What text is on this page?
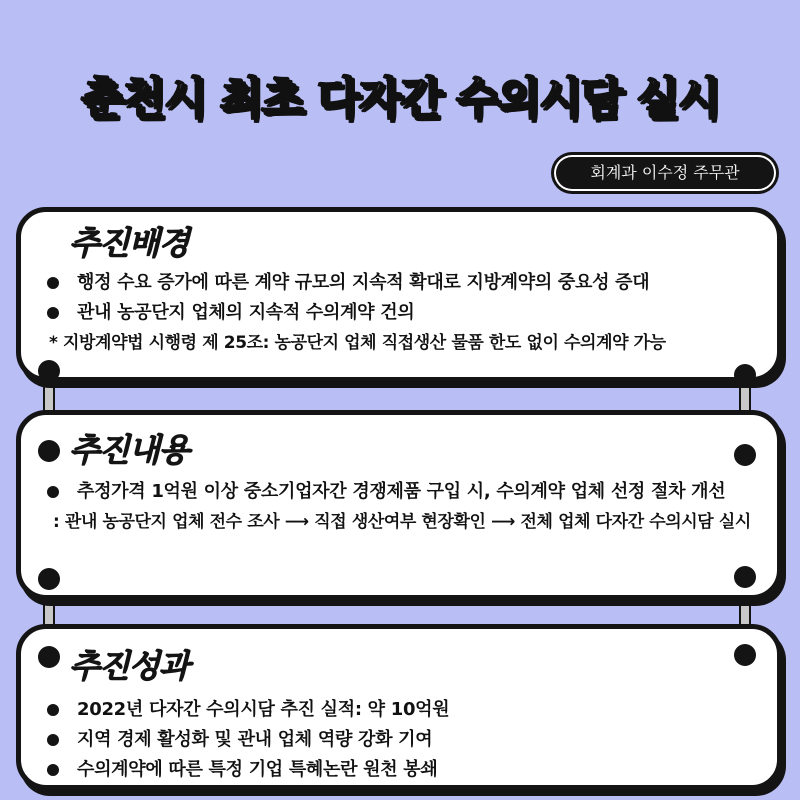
춘천시 최초 다자간 수의시담 실시
회계과 이수정 주무관
추진배경
행정 수요 증가에 따른 계약 규모의 지속적 확대로 지방계약의 중요성 증대
관내 농공단지 업체의 지속적 수의계약 건의
* 지방계약법 시행령 제 25조: 농공단지 업체 직접생산 물품 한도 없이 수의계약 가능
추진내용
추정가격 1억원 이상 중소기업자간 경쟁제품 구입 시, 수의계약 업체 선정 절차 개선
: 관내 농공단지 업체 전수 조사 ⟶ 직접 생산여부 현장확인 ⟶ 전체 업체 다자간 수의시담 실시
추진성과
2022년 다자간 수의시담 추진 실적: 약 10억원
지역 경제 활성화 및 관내 업체 역량 강화 기여
수의계약에 따른 특정 기업 특혜논란 원천 봉쇄
